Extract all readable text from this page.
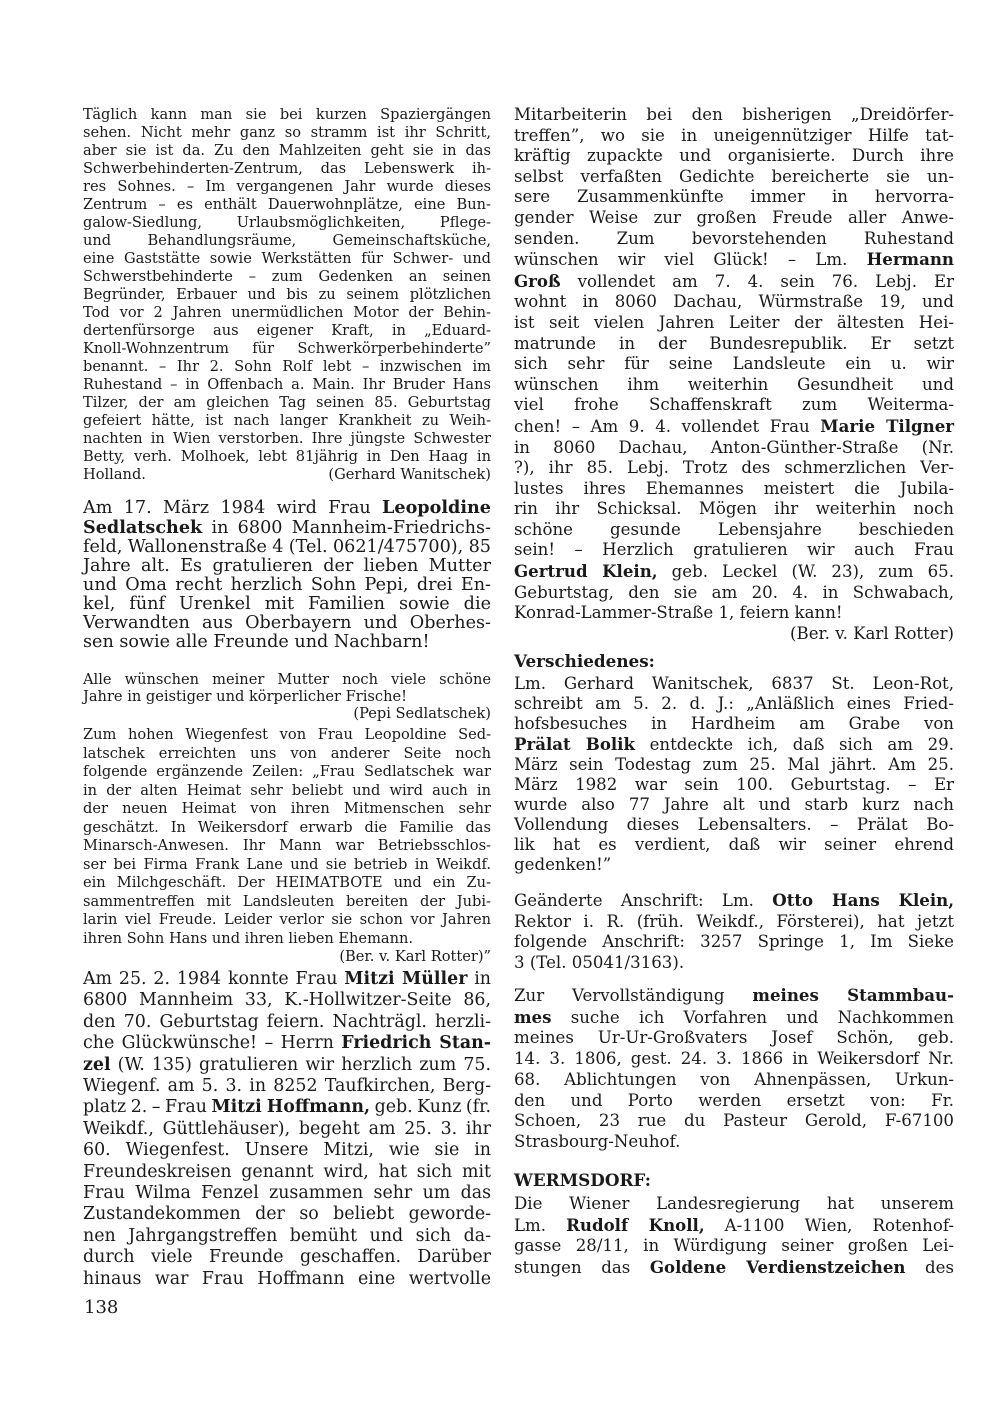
Täglich kann man sie bei kurzen Spaziergängen
sehen. Nicht mehr ganz so stramm ist ihr Schritt,
aber sie ist da. Zu den Mahlzeiten geht sie in das
Schwerbehinderten-Zentrum, das Lebenswerk ih-
res Sohnes. – Im vergangenen Jahr wurde dieses
Zentrum – es enthält Dauerwohnplätze, eine Bun-
galow-Siedlung, Urlaubsmöglichkeiten, Pflege-
und Behandlungsräume, Gemeinschaftsküche,
eine Gaststätte sowie Werkstätten für Schwer- und
Schwerstbehinderte – zum Gedenken an seinen
Begründer, Erbauer und bis zu seinem plötzlichen
Tod vor 2 Jahren unermüdlichen Motor der Behin-
dertenfürsorge aus eigener Kraft, in „Eduard-
Knoll-Wohnzentrum für Schwerkörperbehinderte”
benannt. – Ihr 2. Sohn Rolf lebt – inzwischen im
Ruhestand – in Offenbach a. Main. Ihr Bruder Hans
Tilzer, der am gleichen Tag seinen 85. Geburtstag
gefeiert hätte, ist nach langer Krankheit zu Weih-
nachten in Wien verstorben. Ihre jüngste Schwester
Betty, verh. Molhoek, lebt 81jährig in Den Haag in
Holland.	(Gerhard Wanitschek)
Am 17. März 1984 wird Frau Leopoldine
Sedlatschek in 6800 Mannheim-Friedrichs-
feld, Wallonenstraße 4 (Tel. 0621/475700), 85
Jahre alt. Es gratulieren der lieben Mutter
und Oma recht herzlich Sohn Pepi, drei En-
kel, fünf Urenkel mit Familien sowie die
Verwandten aus Oberbayern und Oberhes-
sen sowie alle Freunde und Nachbarn!
Alle wünschen meiner Mutter noch viele schöne
Jahre in geistiger und körperlicher Frische!
(Pepi Sedlatschek)
Zum hohen Wiegenfest von Frau Leopoldine Sed-
latschek erreichten uns von anderer Seite noch
folgende ergänzende Zeilen: „Frau Sedlatschek war
in der alten Heimat sehr beliebt und wird auch in
der neuen Heimat von ihren Mitmenschen sehr
geschätzt. In Weikersdorf erwarb die Familie das
Minarsch-Anwesen. Ihr Mann war Betriebsschlos-
ser bei Firma Frank Lane und sie betrieb in Weikdf.
ein Milchgeschäft. Der HEIMATBOTE und ein Zu-
sammentreffen mit Landsleuten bereiten der Jubi-
larin viel Freude. Leider verlor sie schon vor Jahren
ihren Sohn Hans und ihren lieben Ehemann.
(Ber. v. Karl Rotter)”
Am 25. 2. 1984 konnte Frau Mitzi Müller in
6800 Mannheim 33, K.-Hollwitzer-Seite 86,
den 70. Geburtstag feiern. Nachträgl. herzli-
che Glückwünsche! – Herrn Friedrich Stan-
zel (W. 135) gratulieren wir herzlich zum 75.
Wiegenf. am 5. 3. in 8252 Taufkirchen, Berg-
platz 2. – Frau Mitzi Hoffmann, geb. Kunz (fr.
Weikdf., Güttlehäuser), begeht am 25. 3. ihr
60. Wiegenfest. Unsere Mitzi, wie sie in
Freundeskreisen genannt wird, hat sich mit
Frau Wilma Fenzel zusammen sehr um das
Zustandekommen der so beliebt geworde-
nen Jahrgangstreffen bemüht und sich da-
durch viele Freunde geschaffen. Darüber
hinaus war Frau Hoffmann eine wertvolle
138
Mitarbeiterin bei den bisherigen „Dreidörfer-
treffen”, wo sie in uneigennütziger Hilfe tat-
kräftig zupackte und organisierte. Durch ihre
selbst verfaßten Gedichte bereicherte sie un-
sere Zusammenkünfte immer in hervorra-
gender Weise zur großen Freude aller Anwe-
senden. Zum bevorstehenden Ruhestand
wünschen wir viel Glück! – Lm. Hermann
Groß vollendet am 7. 4. sein 76. Lebj. Er
wohnt in 8060 Dachau, Würmstraße 19, und
ist seit vielen Jahren Leiter der ältesten Hei-
matrunde in der Bundesrepublik. Er setzt
sich sehr für seine Landsleute ein u. wir
wünschen ihm weiterhin Gesundheit und
viel frohe Schaffenskraft zum Weiterma-
chen! – Am 9. 4. vollendet Frau Marie Tilgner
in 8060 Dachau, Anton-Günther-Straße (Nr.
?), ihr 85. Lebj. Trotz des schmerzlichen Ver-
lustes ihres Ehemannes meistert die Jubila-
rin ihr Schicksal. Mögen ihr weiterhin noch
schöne gesunde Lebensjahre beschieden
sein! – Herzlich gratulieren wir auch Frau
Gertrud Klein, geb. Leckel (W. 23), zum 65.
Geburtstag, den sie am 20. 4. in Schwabach,
Konrad-Lammer-Straße 1, feiern kann!
(Ber. v. Karl Rotter)
Verschiedenes:
Lm. Gerhard Wanitschek, 6837 St. Leon-Rot,
schreibt am 5. 2. d. J.: „Anläßlich eines Fried-
hofsbesuches in Hardheim am Grabe von
Prälat Bolik entdeckte ich, daß sich am 29.
März sein Todestag zum 25. Mal jährt. Am 25.
März 1982 war sein 100. Geburtstag. – Er
wurde also 77 Jahre alt und starb kurz nach
Vollendung dieses Lebensalters. – Prälat Bo-
lik hat es verdient, daß wir seiner ehrend
gedenken!”
Geänderte Anschrift: Lm. Otto Hans Klein,
Rektor i. R. (früh. Weikdf., Försterei), hat jetzt
folgende Anschrift: 3257 Springe 1, Im Sieke
3 (Tel. 05041/3163).
Zur Vervollständigung meines Stammbau-
mes suche ich Vorfahren und Nachkommen
meines Ur-Ur-Großvaters Josef Schön, geb.
14. 3. 1806, gest. 24. 3. 1866 in Weikersdorf Nr.
68. Ablichtungen von Ahnenpässen, Urkun-
den und Porto werden ersetzt von: Fr.
Schoen, 23 rue du Pasteur Gerold, F-67100
Strasbourg-Neuhof.
WERMSDORF:
Die Wiener Landesregierung hat unserem
Lm. Rudolf Knoll, A-1100 Wien, Rotenhof-
gasse 28/11, in Würdigung seiner großen Lei-
stungen das Goldene Verdienstzeichen des
